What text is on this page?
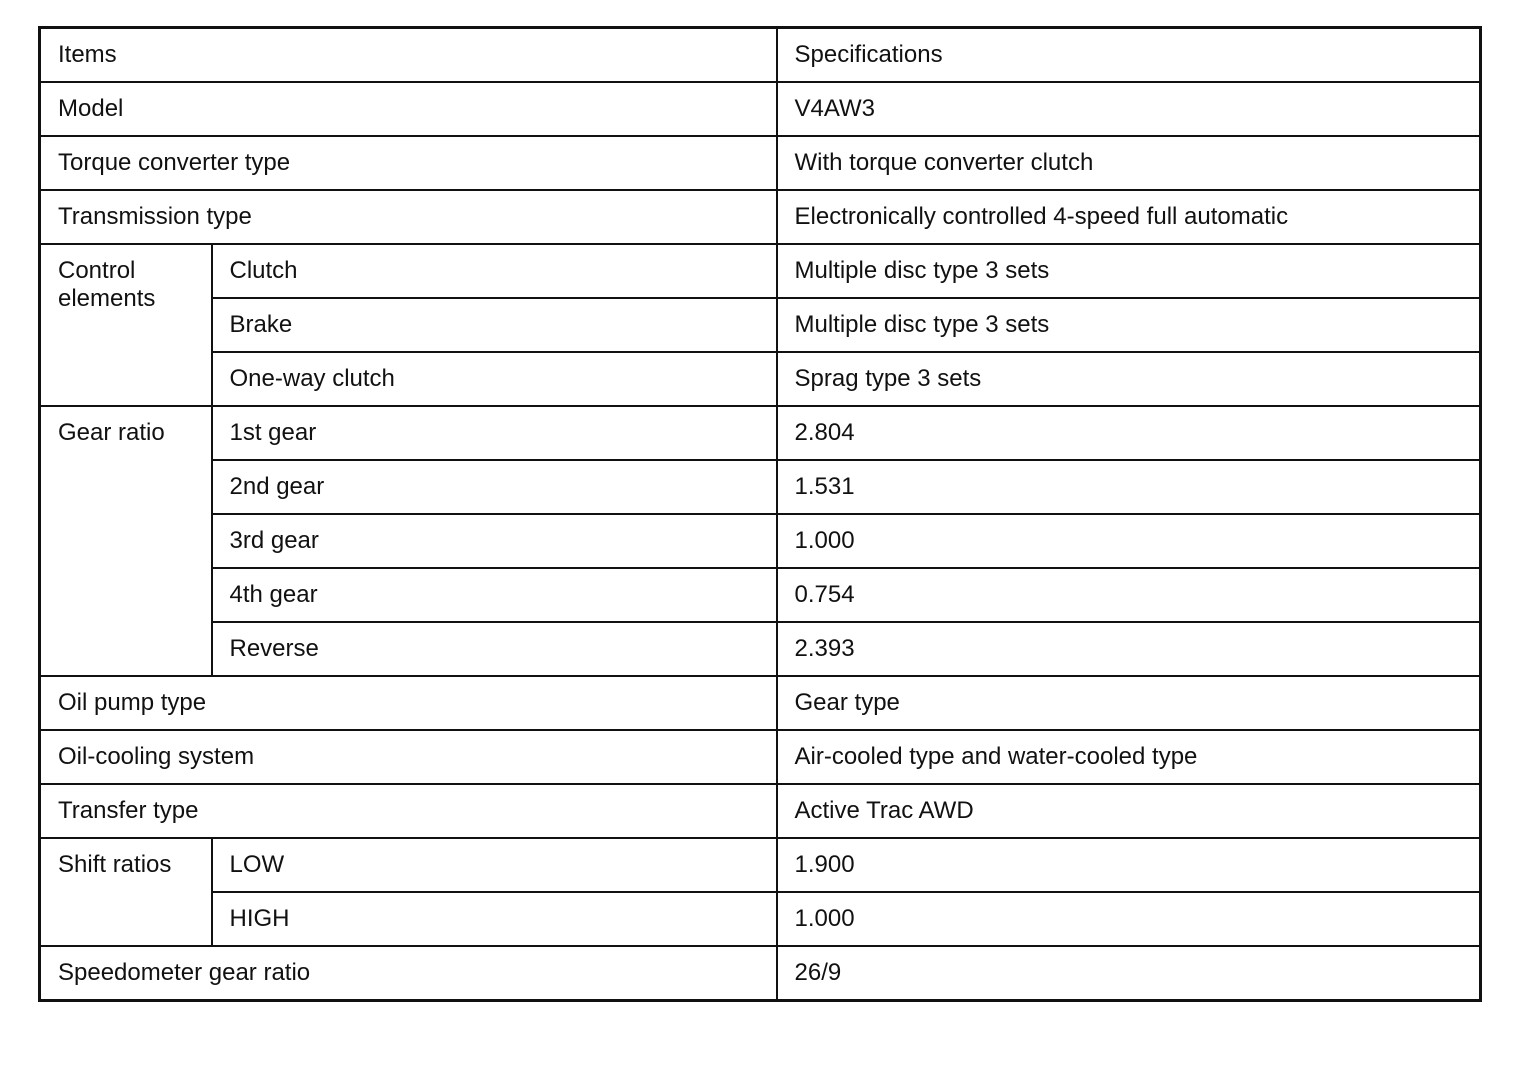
Items		Specifications
Model		V4AW3
Torque converter type		With torque converter clutch
Transmission type		Electronically controlled 4-speed full automatic

Control elements	Clutch	Multiple disc type 3 sets
	Brake	Multiple disc type 3 sets
	One-way clutch	Sprag type 3 sets

Gear ratio	1st gear	2.804
	2nd gear	1.531
	3rd gear	1.000
	4th gear	0.754
	Reverse	2.393
Oil pump type		Gear type
Oil-cooling system		Air-cooled type and water-cooled type
Transfer type		Active Trac AWD

Shift ratios	LOW	1.900
	HIGH	1.000
Speedometer gear ratio		26/9
